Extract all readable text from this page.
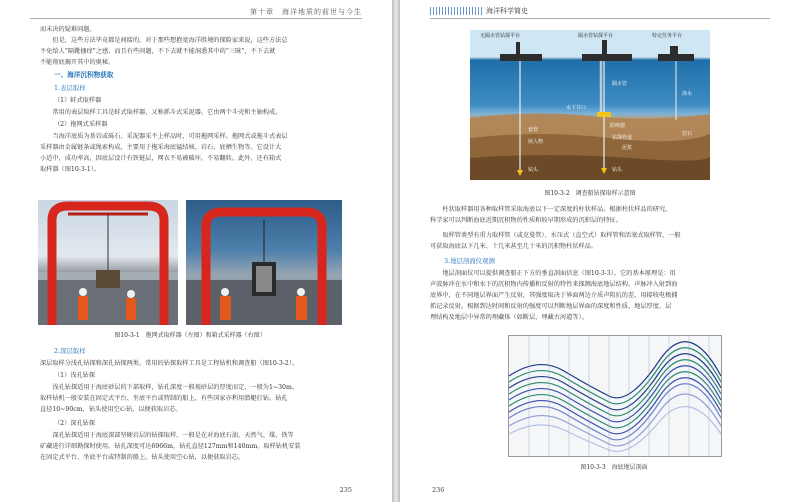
第十章　海洋地质的前世与今生
而未决的疑难问题。
但是，这些方法毕竟都是间接的，对于那些想抱宽海洋胜境的探险家来说，这些方法总
不免给人“隔靴搔痒”之感，而且有些问题，不下去就不能洞悉其中的“三昧”，不下去就
不能彻底揭开其中的奥秘。
一、海洋沉积物获取
1.表层取样
（1）蚌式取样器
常用的表层取样工具是蚌式取样器，又称抓斗式采泥器。它由两个斗壳和主轴构成。
（2）拖网式采样器
当海洋底质为基岩或砾石、采泥器采不上样品时，可用拖网采样。拖网式或拖斗式表层
采样器由金属链条或绳索构成，主要用于拖采海底锰结核、岩石、底栖生物等。它设计大
小适中，成功率高，因底层设计有铁链层，网衣不易被破坏，不易翻转。此外，还有箱式
取样器（图10-3-1）。
图10-3-1　拖网式取样器（左图）和箱式采样器（右图）
2.深层取样
深层取样分浅孔钻探和深孔钻探两类。常用的钻探取样工具是工程钻机和调查船（图10-3-2）。
（1）浅孔钻探
浅孔钻探适用于海底砂层的下部取样，钻孔深度一般视砂层的厚度而定，一般为1~30m。
取样钻机一般安装在固定式平台、坐底平台或特制的船上，有些国家亦利用潜艇打钻。钻孔
直径10~90cm，钻头使用空心钻，以便获取岩芯。
（2）深孔钻探
深孔钻探适用于海底深部坚硬岩层的钻探取样，一般是在对海底石油、天然气、煤、铁等
矿藏进行详细勘探时使用。钻孔深度可达6966m，钻孔直径127mm和140mm。取样钻机安装
在固定式平台、坐底平台或特制的船上。钻头使用空心钻，以便获取岩芯。
235
海洋科学简史
无隔水管钻探平台	隔水管钻探平台	特定任务平台
隔水管
海水
水下井口
防喷器
套管
钻探管道
嵌入物
泥浆
岩石
钻头	钻头
图10-3-2　调查船钻探取样示意图
柱状取样器用各种取样管采取海底以下一定深度的柱状样品。根据柱状样品的研究，
科学家可以判断海底近期沉积物的性质和较早期形成的沉积层的特征。
取样管类型有重力取样管（或克曼管）、水压式（直空式）取样管和活塞式取样管，一般
可获取海底以下几米、十几米甚至几十米的沉积物柱状样品。
3.地层剖面仪观测
地层剖面仪可以提供调查船正下方的垂直剖面信息（图10-3-3）。它的基本原理是：用
声波脉冲在水中和水下的沉积物内传播和反射的特性来探测海底地层结构。声脉冲入射到海
底界中，在不同地层界面产生反射，其强度取决于界面两边介质声阻抗的差，用接收电极捕
抓记录反射。根据到达时间和反射的强度可以判断地层界面的深度和性质、地层厚度、层
理结构及地层中异常的埋藏体（如断层、埋藏古河道等）。
图10-3-3　海底地层剖面
236
